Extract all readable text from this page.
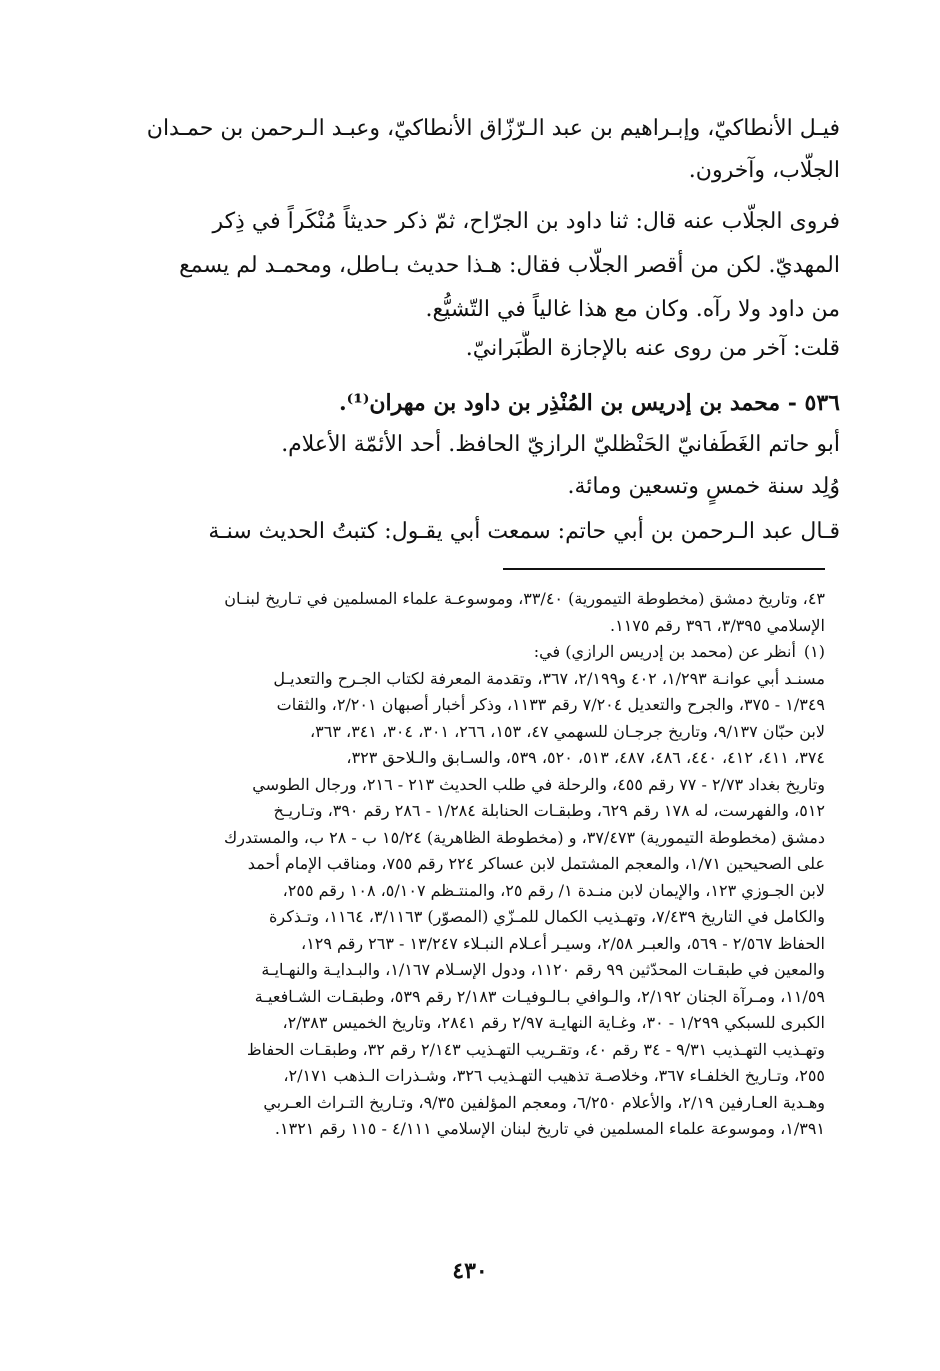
فيـل الأنطاكيّ، وإبـراهيم بن عبد الـرّزّاق الأنطاكيّ، وعبـد الـرحمن بن حمـدان
الجلّاب، وآخرون.
فروى الجلّاب عنه قال: ثنا داود بن الجرّاح، ثمّ ذكر حديثاً مُنْكَراً في ذِكر
المهديّ. لكن من أقصر الجلّاب فقال: هـذا حديث بـاطل، ومحمـد لم يسمع
من داود ولا رآه. وكان مع هذا غالياً في التّشيُّع.
قلت: آخر من روى عنه بالإجازة الطَّبَرانيّ.
٥٣٦ - محمد بن إدريس بن المُنْذِر بن داود بن مهران⁽¹⁾.
أبو حاتم الغَطَفانيّ الحَنْظليّ الرازيّ الحافظ. أحد الأئمّة الأعلام.
وُلِد سنة خمسٍ وتسعين ومائة.
قـال عبد الـرحمن بن أبي حاتم: سمعت أبي يقـول: كتبتُ الحديث سنـة
٤٣، وتاريخ دمشق (مخطوطة التيمورية) ٣٣/٤٠، وموسوعـة علماء المسلمين في تـاريخ لبنـان
الإسلامي ٣/٣٩٥، ٣٩٦ رقم ١١٧٥.
(١)أنظر عن (محمد بن إدريس الرازي) في:
مسنـد أبي عوانـة ١/٢٩٣، ٤٠٢ و٢/١٩٩، ٣٦٧، وتقدمة المعرفة لكتاب الجـرح والتعديـل
١/٣٤٩ - ٣٧٥، والجرح والتعديل ٧/٢٠٤ رقم ١١٣٣، وذكر أخبار أصبهان ٢/٢٠١، والثقات
لابن حبّان ٩/١٣٧، وتاريخ جرجـان للسهمي ٤٧، ١٥٣، ٢٦٦، ٣٠١، ٣٠٤، ٣٤١، ٣٦٣،
٣٧٤، ٤١١، ٤١٢، ٤٤٠، ٤٨٦، ٤٨٧، ٥١٣، ٥٢٠، ٥٣٩، والسـابق والـلاحق ٣٢٣،
وتاريخ بغداد ٢/٧٣ - ٧٧ رقم ٤٥٥، والرحلة في طلب الحديث ٢١٣ - ٢١٦، ورجال الطوسي
٥١٢، والفهرست، له ١٧٨ رقم ٦٢٩، وطبقـات الحنابلة ١/٢٨٤ - ٢٨٦ رقم ٣٩٠، وتـاريـخ
دمشق (مخطوطة التيمورية) ٣٧/٤٧٣، و (مخطوطة الظاهرية) ١٥/٢٤ ب - ٢٨ ب، والمستدرك
على الصحيحين ١/٧١، والمعجم المشتمل لابن عساكر ٢٢٤ رقم ٧٥٥، ومناقب الإمام أحمد
لابن الجـوزي ١٢٣، والإيمان لابن منـدة ١/ رقم ٢٥، والمنتـظم ٥/١٠٧، ١٠٨ رقم ٢٥٥،
والكامل في التاريخ ٧/٤٣٩، وتهـذيب الكمال للمـزّي (المصوّر) ٣/١١٦٣، ١١٦٤، وتـذكرة
الحفاظ ٢/٥٦٧ - ٥٦٩، والعبـر ٢/٥٨، وسيـر أعـلام النبـلاء ١٣/٢٤٧ - ٢٦٣ رقم ١٢٩،
والمعين في طبقـات المحدّثين ٩٩ رقم ١١٢٠، ودول الإسـلام ١/١٦٧، والبـدايـة والنهـايـة
١١/٥٩، ومـرآة الجنان ٢/١٩٢، والـوافي بـالـوفيـات ٢/١٨٣ رقم ٥٣٩، وطبقـات الشـافعيـة
الكبرى للسبكي ١/٢٩٩ - ٣٠، وغـاية النهايـة ٢/٩٧ رقم ٢٨٤١، وتاريخ الخميس ٢/٣٨٣،
وتهـذيب التهـذيب ٩/٣١ - ٣٤ رقم ٤٠، وتقـريب التهـذيب ٢/١٤٣ رقم ٣٢، وطبقـات الحفاظ
٢٥٥، وتـاريخ الخلفـاء ٣٦٧، وخلاصـة تذهيب التهـذيب ٣٢٦، وشـذرات الـذهب ٢/١٧١،
وهـدية العـارفين ٢/١٩، والأعلام ٦/٢٥٠، ومعجم المؤلفين ٩/٣٥، وتـاريخ التـراث العـربي
١/٣٩١، وموسوعة علماء المسلمين في تاريخ لبنان الإسلامي ٤/١١١ - ١١٥ رقم ١٣٢١.
٤٣٠
